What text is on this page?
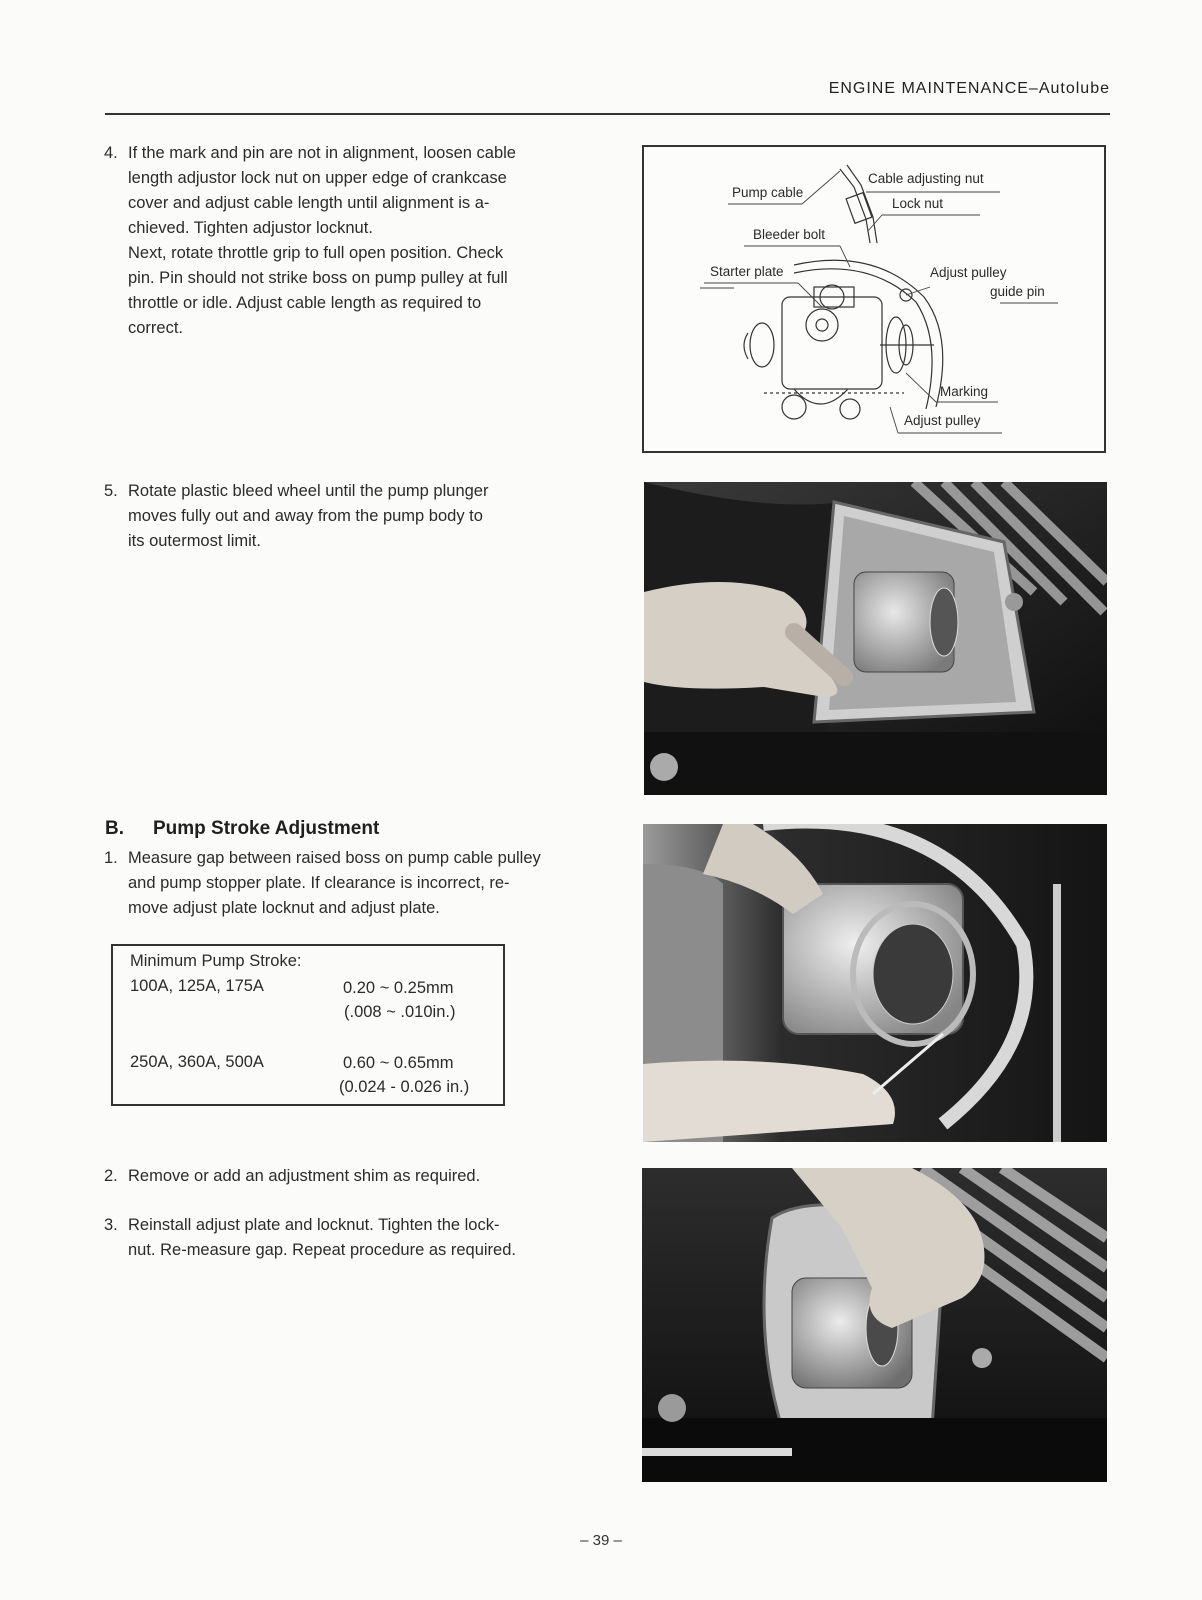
ENGINE MAINTENANCE–Autolube
4. If the mark and pin are not in alignment, loosen cable
length adjustor lock nut on upper edge of crankcase
cover and adjust cable length until alignment is a-
chieved. Tighten adjustor locknut.
Next, rotate throttle grip to full open position. Check
pin. Pin should not strike boss on pump pulley at full
throttle or idle. Adjust cable length as required to
correct.
5. Rotate plastic bleed wheel until the pump plunger
moves fully out and away from the pump body to
its outermost limit.
B. Pump Stroke Adjustment
1. Measure gap between raised boss on pump cable pulley
and pump stopper plate. If clearance is incorrect, re-
move adjust plate locknut and adjust plate.
Minimum Pump Stroke:
100A, 125A, 175A	0.20 ~ 0.25mm
(.008 ~ .010in.)
250A, 360A, 500A	0.60 ~ 0.65mm
(0.024 - 0.026 in.)
2. Remove or add an adjustment shim as required.
3. Reinstall adjust plate and locknut. Tighten the lock-
nut. Re-measure gap. Repeat procedure as required.
Pump cable
Cable adjusting nut
Lock nut
Bleeder bolt
Starter plate	Adjust pulley
guide pin
Marking
Adjust pulley
– 39 –
